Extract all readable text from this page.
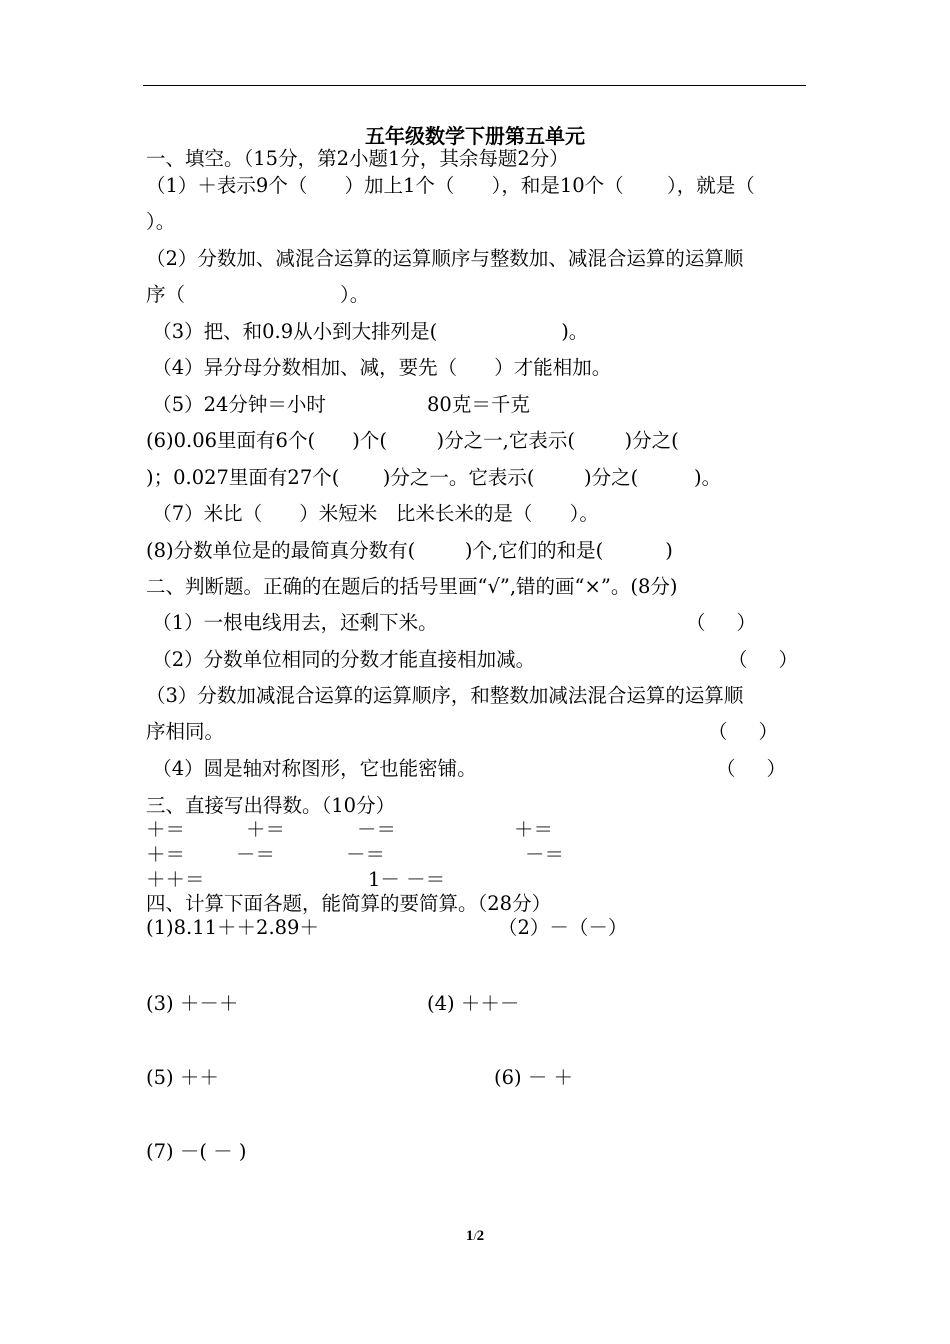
五年级数学下册第五单元
一、填空。（15分，第2小题1分，其余每题2分）
（1）＋表示9个（      ）加上1个（      ），和是10个（       ），就是（
）。
（2）分数加、减混合运算的运算顺序与整数加、减混合运算的运算顺
序（                         ）。
（3）把、和0.9从小到大排列是(                    )。
（4）异分母分数相加、减，要先（      ）才能相加。
（5）24分钟＝小时	80克＝千克
(6)0.06里面有6个(      )个(        )分之一,它表示(        )分之(
)；0.027里面有27个(       )分之一。它表示(        )分之(         )。
（7）米比（      ）米短米   比米长米的是（      ）。
(8)分数单位是的最简真分数有(        )个,它们的和是(          )
二、判断题。正确的在题后的括号里画“√”,错的画“×”。(8分)
（1）一根电线用去，还剩下米。	（     ）
（2）分数单位相同的分数才能直接相加减。	（     ）
（3）分数加减混合运算的运算顺序，和整数加减法混合运算的运算顺
序相同。	（     ）
（4）圆是轴对称图形，它也能密铺。	（     ）
三、直接写出得数。（10分）
＋＝	＋＝	－＝	＋＝
＋＝	－＝	－＝	－＝
＋＋＝	1－ －＝
四、计算下面各题，能简算的要简算。（28分）
(1)8.11＋＋2.89＋	（2）－（－）
(3) ＋－＋	(4) ＋＋－
(5) ＋＋	(6) － ＋
(7) －( － )
1/2
